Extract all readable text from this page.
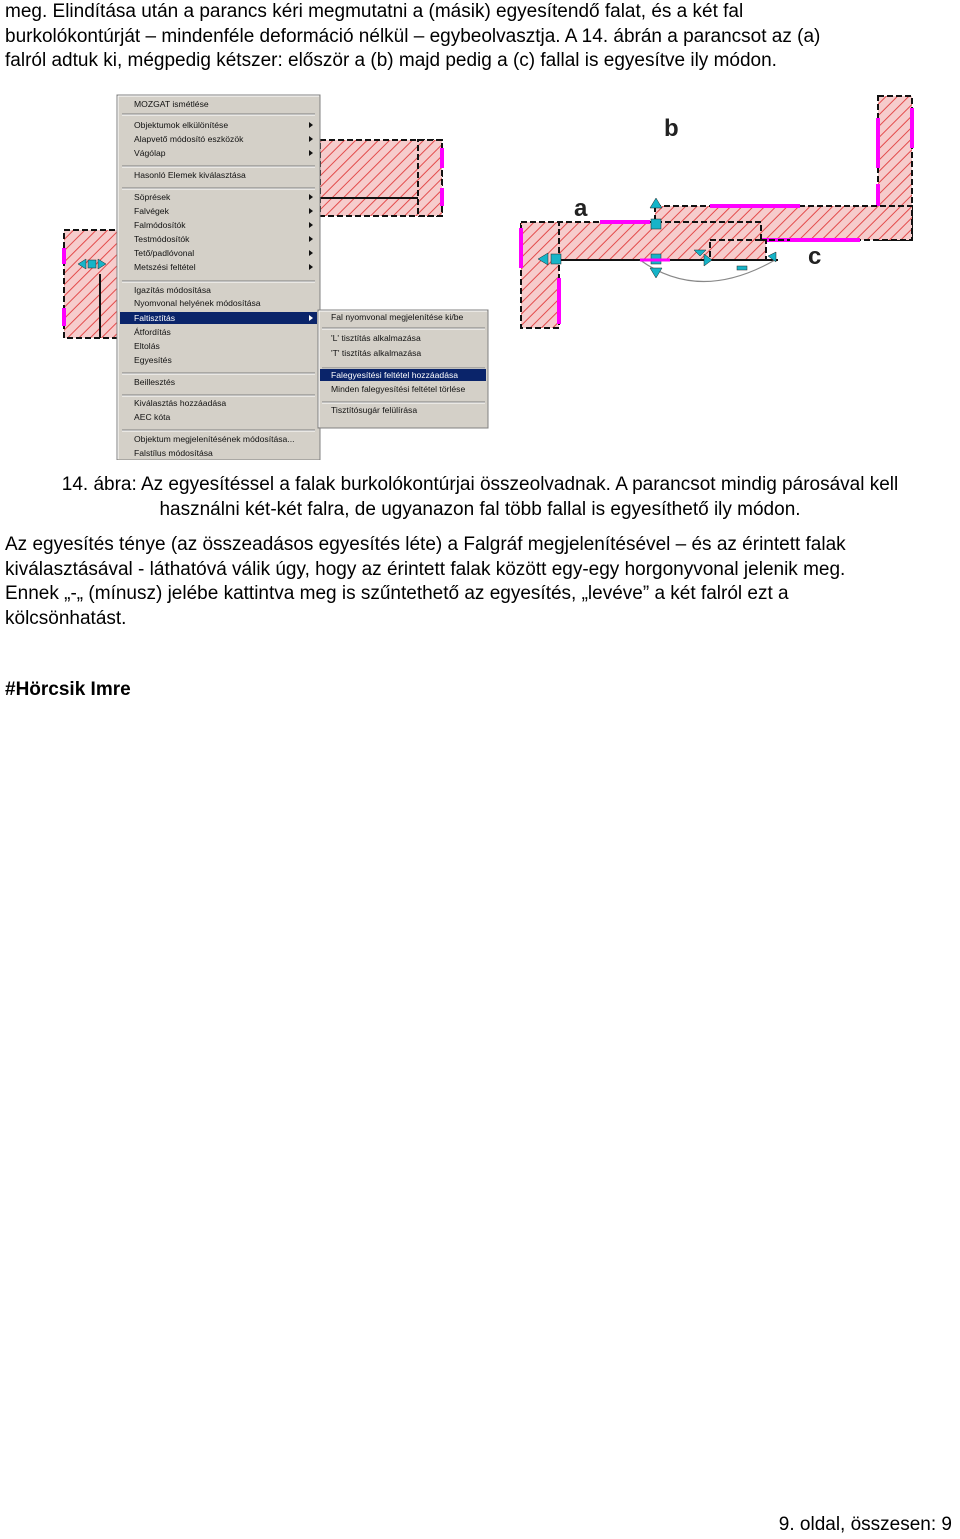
meg. Elindítása után a parancs kéri megmutatni a (másik) egyesítendő falat, és a két fal
burkolókontúrját – mindenféle deformáció nélkül – egybeolvasztja. A 14. ábrán a parancsot az (a)
falról adtuk ki, mégpedig kétszer: először a (b) majd pedig a (c) fallal is egyesítve ily módon.

MOZGAT ismétlése
Objektumok elkülönítése
Alapvető módosító eszközök
Vágólap
Hasonló Elemek kiválasztása
Söprések
Falvégek
Falmódosítók
Testmódosítók
Tető/padlóvonal
Metszési feltétel
Igazítás módosítása
Nyomvonal helyének módosítása
Faltisztítás
Átfordítás
Eltolás
Egyesítés
Beillesztés
Kiválasztás hozzáadása
AEC kóta
Objektum megjelenítésének módosítása...
Falstílus módosítása
Fal nyomvonal megjelenítése ki/be
'L' tisztítás alkalmazása
'T' tisztítás alkalmazása
Falegyesítési feltétel hozzáadása
Minden falegyesítési feltétel törlése
Tisztítósugár felülírása
a
b
c
14. ábra: Az egyesítéssel a falak burkolókontúrjai összeolvadnak. A parancsot mindig párosával kell
használni két-két falra, de ugyanazon fal több fallal is egyesíthető ily módon.

Az egyesítés ténye (az összeadásos egyesítés léte) a Falgráf megjelenítésével – és az érintett falak
kiválasztásával - láthatóvá válik úgy, hogy az érintett falak között egy-egy horgonyvonal jelenik meg.
Ennek „-„ (mínusz) jelébe kattintva meg is szűntethető az egyesítés, „levéve” a két falról ezt a
kölcsönhatást.

#Hörcsik Imre
9. oldal, összesen: 9
